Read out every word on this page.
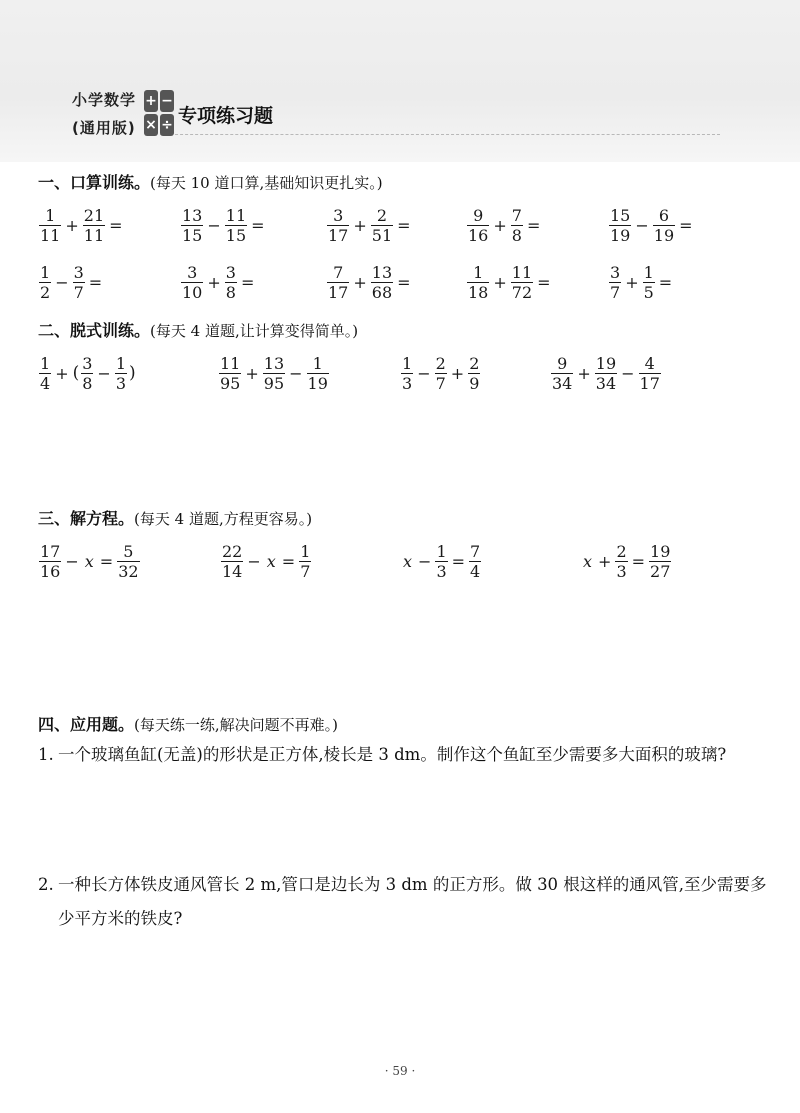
小学数学
(通用版)
+ −
× ÷ 专项练习题
一、口算训练。(每天 10 道口算,基础知识更扎实。)
$\frac{1}{11} + \frac{21}{11}$ =	$\frac{13}{15} - \frac{11}{15}$ =	$\frac{3}{17} + \frac{2}{51}$ =	$\frac{9}{16} + \frac{7}{8}$ =	$\frac{15}{19} - \frac{6}{19}$ =
$\frac{1}{2} - \frac{3}{7}$ =	$\frac{3}{10} + \frac{3}{8}$ =	$\frac{7}{17} + \frac{13}{68}$ =	$\frac{1}{18} + \frac{11}{72}$ =	$\frac{3}{7} + \frac{1}{5}$ =
二、脱式训练。(每天 4 道题,让计算变得简单。)
$\frac{1}{4}$ + ( $\frac{3}{8} - \frac{1}{3}$ )	$\frac{11}{95} + \frac{13}{95} - \frac{1}{19}$	$\frac{1}{3} - \frac{2}{7} + \frac{2}{9}$	$\frac{9}{34} + \frac{19}{34} - \frac{4}{17}$
三、解方程。(每天 4 道题,方程更容易。)
$\frac{17}{16} - x = \frac{5}{32}$	$\frac{22}{14} - x = \frac{1}{7}$	$x - \frac{1}{3} = \frac{7}{4}$	$x + \frac{2}{3} = \frac{19}{27}$
四、应用题。(每天练一练,解决问题不再难。)
1. 一个玻璃鱼缸(无盖)的形状是正方体,棱长是 3 dm。制作这个鱼缸至少需要多大面积的玻璃?
2. 一种长方体铁皮通风管长 2 m,管口是边长为 3 dm 的正方形。做 30 根这样的通风管,至少需要多少平方米的铁皮?
· 59 ·
